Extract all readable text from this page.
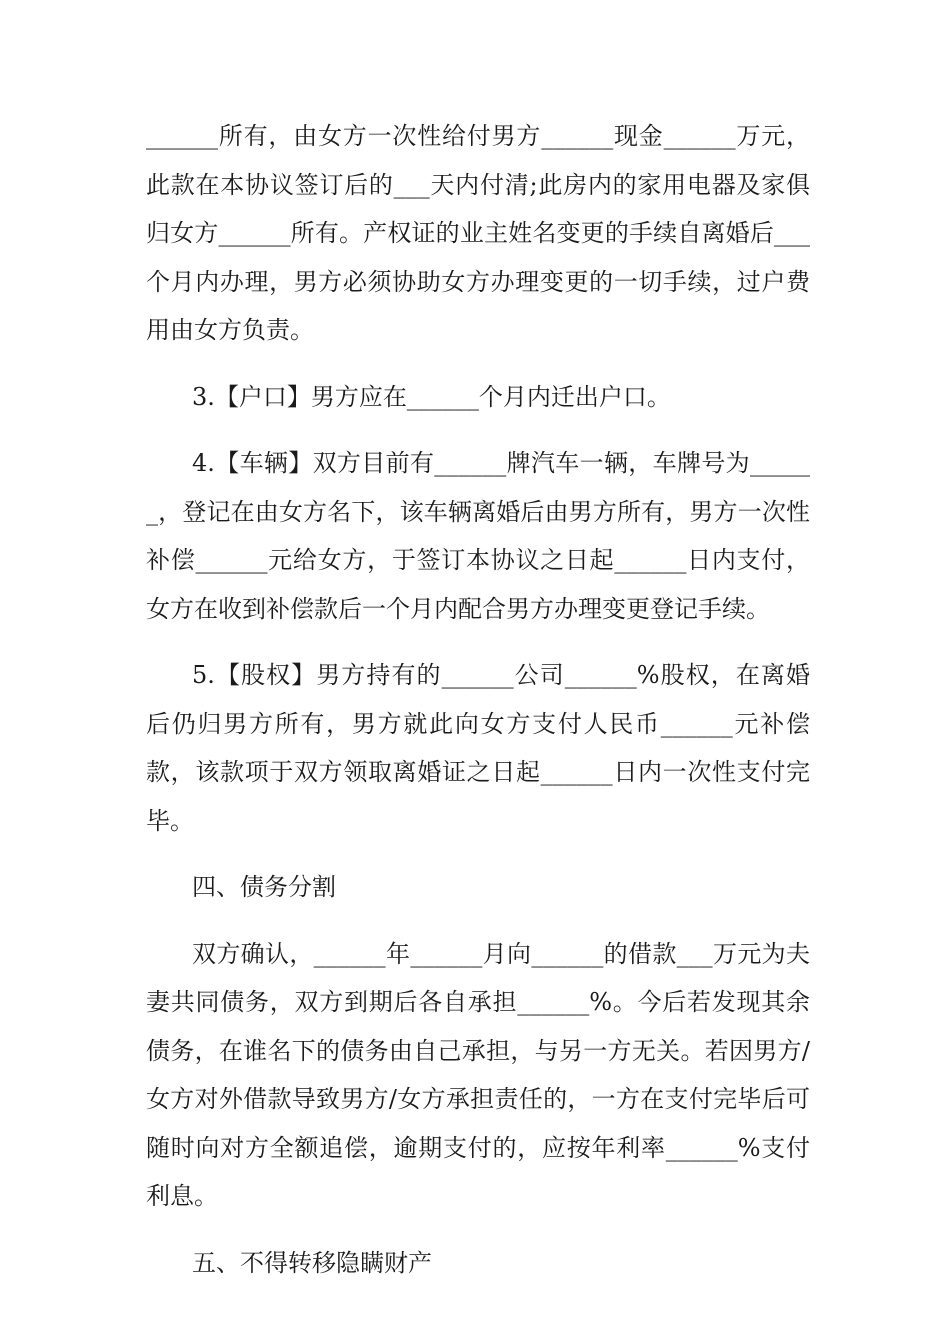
______所有，由女方一次性给付男方______现金______万元，此款在本协议签订后的___天内付清;此房内的家用电器及家俱归女方______所有。产权证的业主姓名变更的手续自离婚后___个月内办理，男方必须协助女方办理变更的一切手续，过户费用由女方负责。

3.【户口】男方应在______个月内迁出户口。

4.【车辆】双方目前有______牌汽车一辆，车牌号为______，登记在由女方名下，该车辆离婚后由男方所有，男方一次性补偿______元给女方，于签订本协议之日起______日内支付，女方在收到补偿款后一个月内配合男方办理变更登记手续。

5.【股权】男方持有的______公司______%股权，在离婚后仍归男方所有，男方就此向女方支付人民币______元补偿款，该款项于双方领取离婚证之日起______日内一次性支付完毕。

四、债务分割

双方确认，______年______月向______的借款___万元为夫妻共同债务，双方到期后各自承担______%。今后若发现其余债务，在谁名下的债务由自己承担，与另一方无关。若因男方/女方对外借款导致男方/女方承担责任的，一方在支付完毕后可随时向对方全额追偿，逾期支付的，应按年利率______%支付利息。

五、不得转移隐瞒财产
